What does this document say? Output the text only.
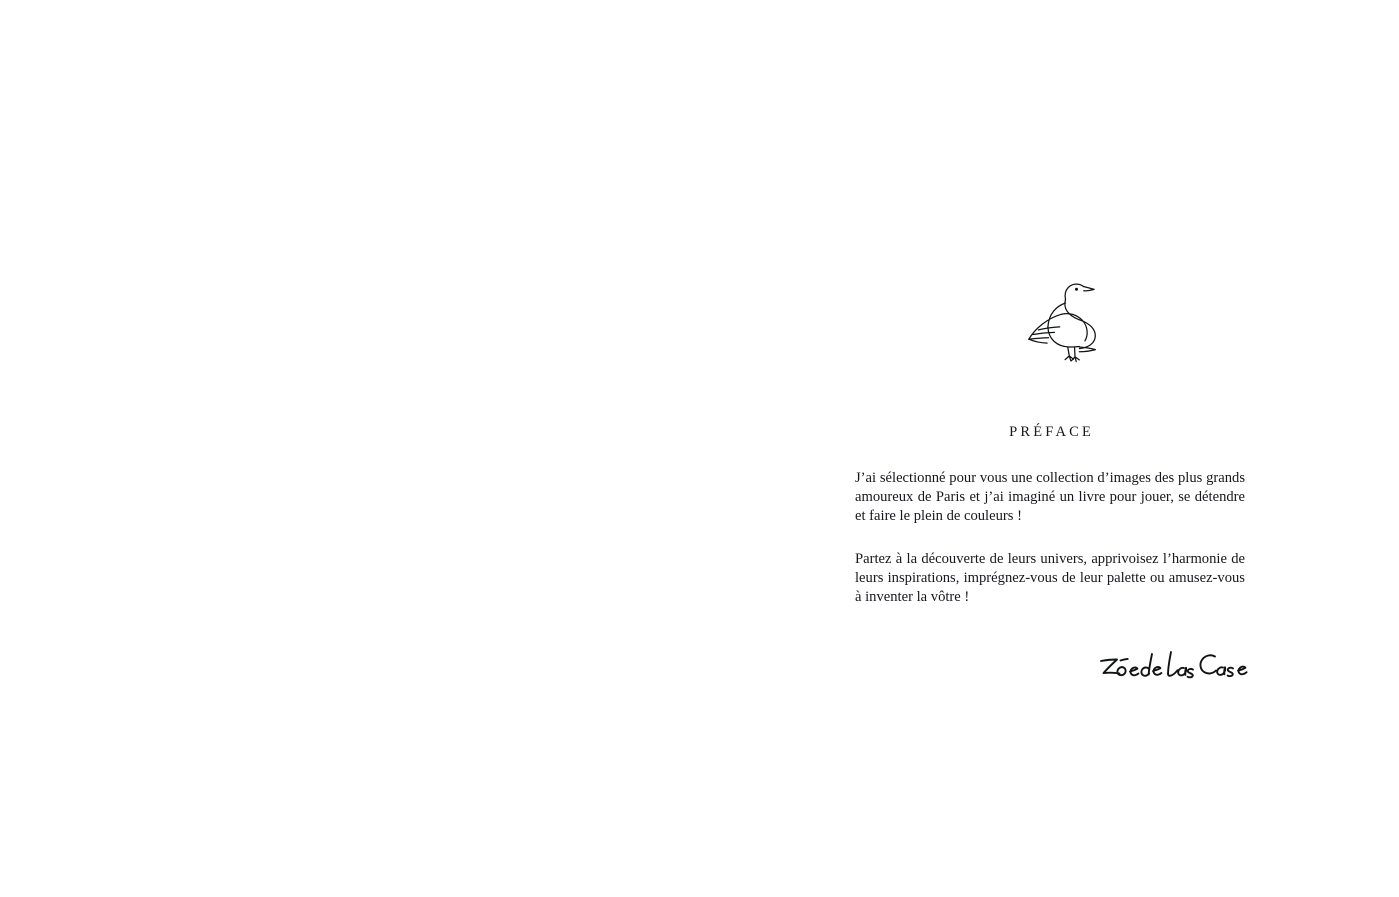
PRÉFACE

J’ai sélectionné pour vous une collection d’images des plus grands amoureux de Paris et j’ai imaginé un livre pour jouer, se détendre et faire le plein de couleurs !

Partez à la découverte de leurs univers, apprivoisez l’harmonie de leurs inspirations, imprégnez-vous de leur palette ou amusez-vous à inventer la vôtre !
